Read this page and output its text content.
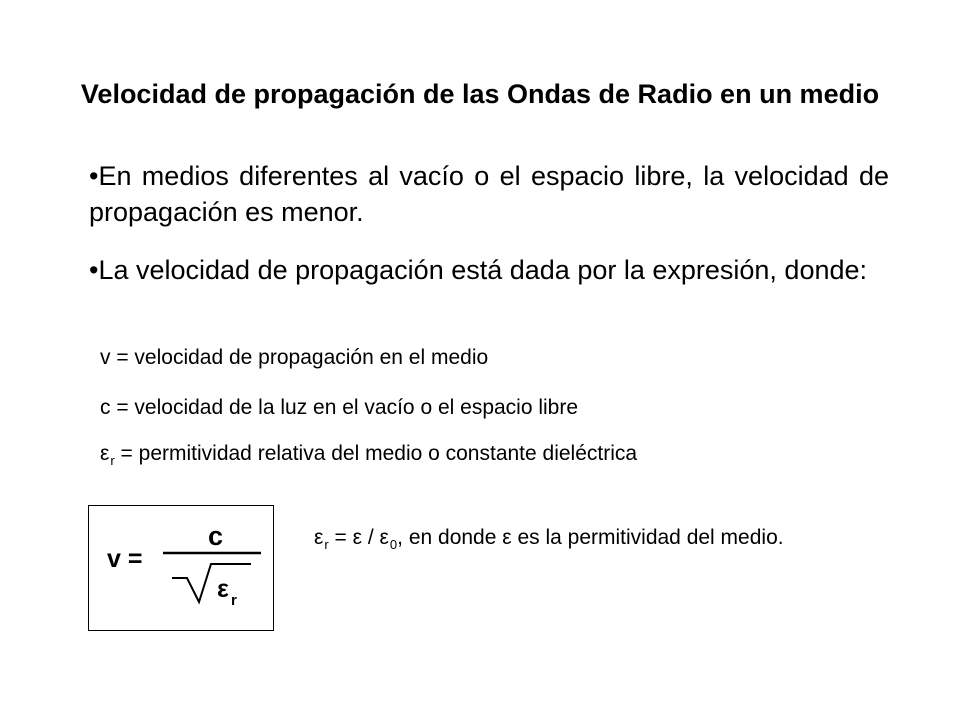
Velocidad de propagación de las Ondas de Radio en un medio
•En medios diferentes al vacío o el espacio libre, la velocidad de propagación es menor.
•La velocidad de propagación está dada por la expresión, donde:
v = velocidad de propagación en el medio
c = velocidad de la luz en el vacío o el espacio libre
$\varepsilon_r$ = permitividad relativa del medio o constante dieléctrica
v =
c
ε r
$\varepsilon_r = \varepsilon / \varepsilon_0$, en donde ε es la permitividad del medio.
